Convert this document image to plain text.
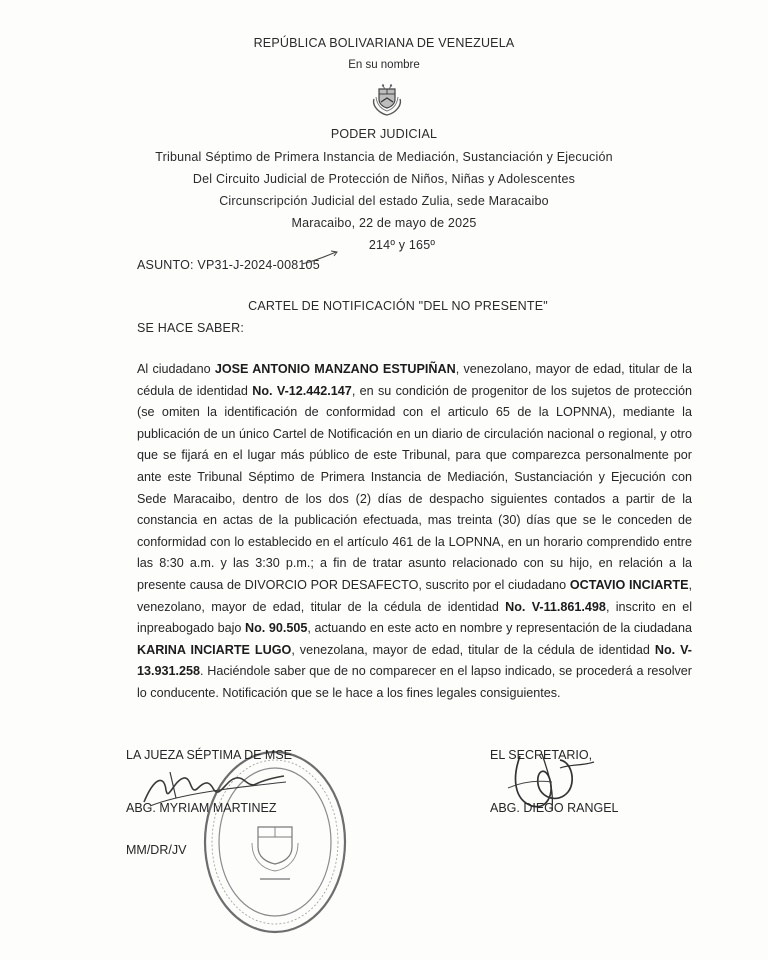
REPÚBLICA BOLIVARIANA DE VENEZUELA
En su nombre
PODER JUDICIAL
Tribunal Séptimo de Primera Instancia de Mediación, Sustanciación y Ejecución
Del Circuito Judicial de Protección de Niños, Niñas y Adolescentes
Circunscripción Judicial del estado Zulia, sede Maracaibo
Maracaibo, 22 de mayo de 2025
214º y 165º
ASUNTO: VP31-J-2024-008105
CARTEL DE NOTIFICACIÓN "DEL NO PRESENTE"
SE HACE SABER:
Al ciudadano JOSE ANTONIO MANZANO ESTUPIÑAN, venezolano, mayor de edad, titular de la cédula de identidad No. V-12.442.147, en su condición de progenitor de los sujetos de protección (se omiten la identificación de conformidad con el articulo 65 de la LOPNNA), mediante la publicación de un único Cartel de Notificación en un diario de circulación nacional o regional, y otro que se fijará en el lugar más público de este Tribunal, para que comparezca personalmente por ante este Tribunal Séptimo de Primera Instancia de Mediación, Sustanciación y Ejecución con Sede Maracaibo, dentro de los dos (2) días de despacho siguientes contados a partir de la constancia en actas de la publicación efectuada, mas treinta (30) días que se le conceden de conformidad con lo establecido en el artículo 461 de la LOPNNA, en un horario comprendido entre las 8:30 a.m. y las 3:30 p.m.; a fin de tratar asunto relacionado con su hijo, en relación a la presente causa de DIVORCIO POR DESAFECTO, suscrito por el ciudadano OCTAVIO INCIARTE, venezolano, mayor de edad, titular de la cédula de identidad No. V-11.861.498, inscrito en el inpreabogado bajo No. 90.505, actuando en este acto en nombre y representación de la ciudadana KARINA INCIARTE LUGO, venezolana, mayor de edad, titular de la cédula de identidad No. V-13.931.258. Haciéndole saber que de no comparecer en el lapso indicado, se procederá a resolver lo conducente. Notificación que se le hace a los fines legales consiguientes.
LA JUEZA SÉPTIMA DE MSE
ABG. MYRIAM MARTINEZ
MM/DR/JV
EL SECRETARIO,
ABG. DIEGO RANGEL
